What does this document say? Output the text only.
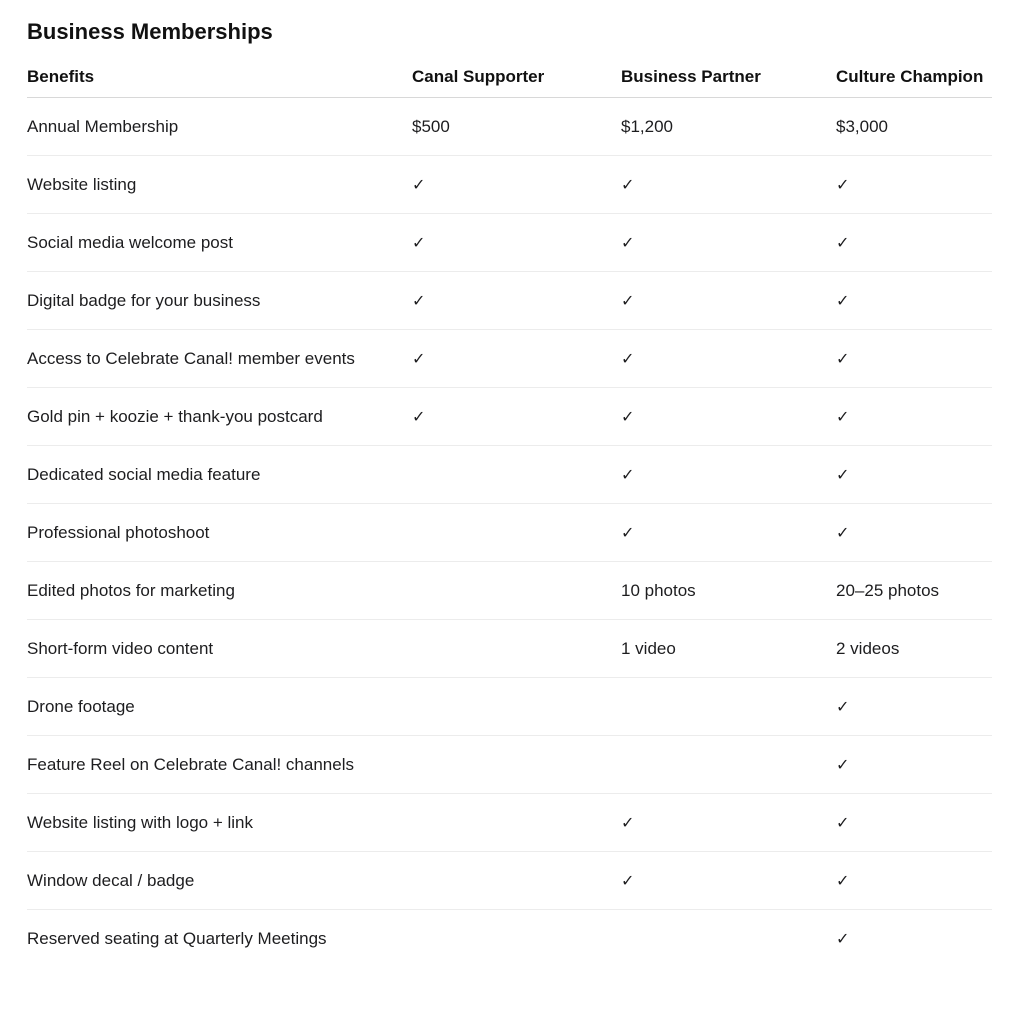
Business Memberships
Benefits	Canal Supporter	Business Partner	Culture Champion
Annual Membership	$500	$1,200	$3,000
Website listing	✓	✓	✓
Social media welcome post	✓	✓	✓
Digital badge for your business	✓	✓	✓
Access to Celebrate Canal! member events	✓	✓	✓
Gold pin + koozie + thank-you postcard	✓	✓	✓
Dedicated social media feature		✓	✓
Professional photoshoot		✓	✓
Edited photos for marketing		10 photos	20–25 photos
Short-form video content		1 video	2 videos
Drone footage			✓
Feature Reel on Celebrate Canal! channels			✓
Website listing with logo + link		✓	✓
Window decal / badge		✓	✓
Reserved seating at Quarterly Meetings			✓
